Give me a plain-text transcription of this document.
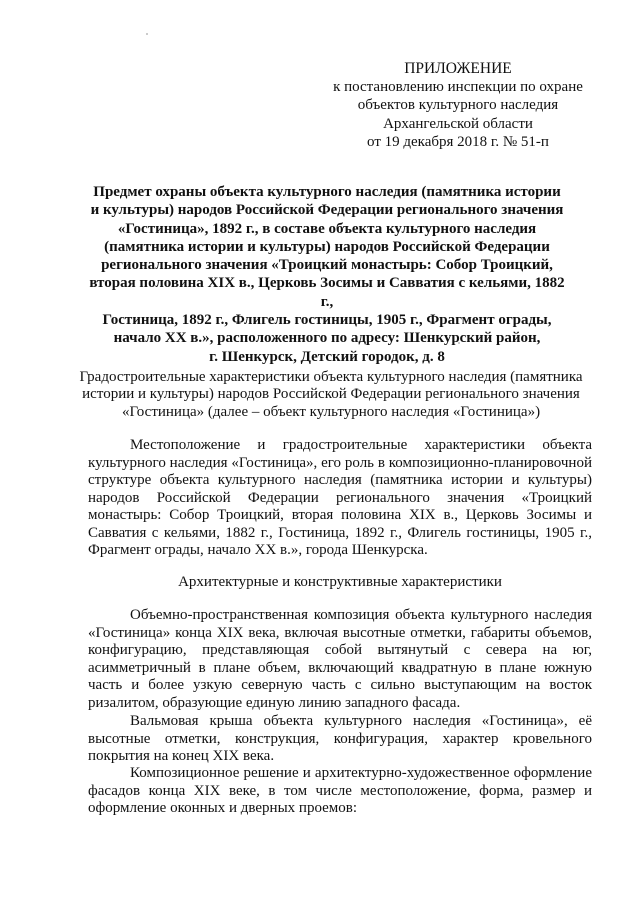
ПРИЛОЖЕНИЕ
к постановлению инспекции по охране
объектов культурного наследия
Архангельской области
от 19 декабря 2018 г. № 51-п
Предмет охраны объекта культурного наследия (памятника истории
и культуры) народов Российской Федерации регионального значения
«Гостиница», 1892 г., в составе объекта культурного наследия
(памятника истории и культуры) народов Российской Федерации
регионального значения «Троицкий монастырь: Собор Троицкий,
вторая половина XIX в., Церковь Зосимы и Савватия с кельями, 1882 г.,
Гостиница, 1892 г., Флигель гостиницы, 1905 г., Фрагмент ограды,
начало XX в.», расположенного по адресу: Шенкурский район,
г. Шенкурск, Детский городок, д. 8
Градостроительные характеристики объекта культурного наследия (памятника
истории и культуры) народов Российской Федерации регионального значения
«Гостиница» (далее – объект культурного наследия «Гостиница»)

Местоположение и градостроительные характеристики объекта культурного наследия «Гостиница», его роль в композиционно-планировочной структуре объекта культурного наследия (памятника истории и культуры) народов Российской Федерации регионального значения «Троицкий монастырь: Собор Троицкий, вторая половина XIX в., Церковь Зосимы и Савватия с кельями, 1882 г., Гостиница, 1892 г., Флигель гостиницы, 1905 г., Фрагмент ограды, начало XX в.», города Шенкурска.

Архитектурные и конструктивные характеристики

Объемно-пространственная композиция объекта культурного наследия «Гостиница» конца XIX века, включая высотные отметки, габариты объемов, конфигурацию, представляющая собой вытянутый с севера на юг, асимметричный в плане объем, включающий квадратную в плане южную часть и более узкую северную часть с сильно выступающим на восток ризалитом, образующие единую линию западного фасада.

Вальмовая крыша объекта культурного наследия «Гостиница», её высотные отметки, конструкция, конфигурация, характер кровельного покрытия на конец XIX века.

Композиционное решение и архитектурно-художественное оформление фасадов конца XIX веке, в том числе местоположение, форма, размер и оформление оконных и дверных проемов:
